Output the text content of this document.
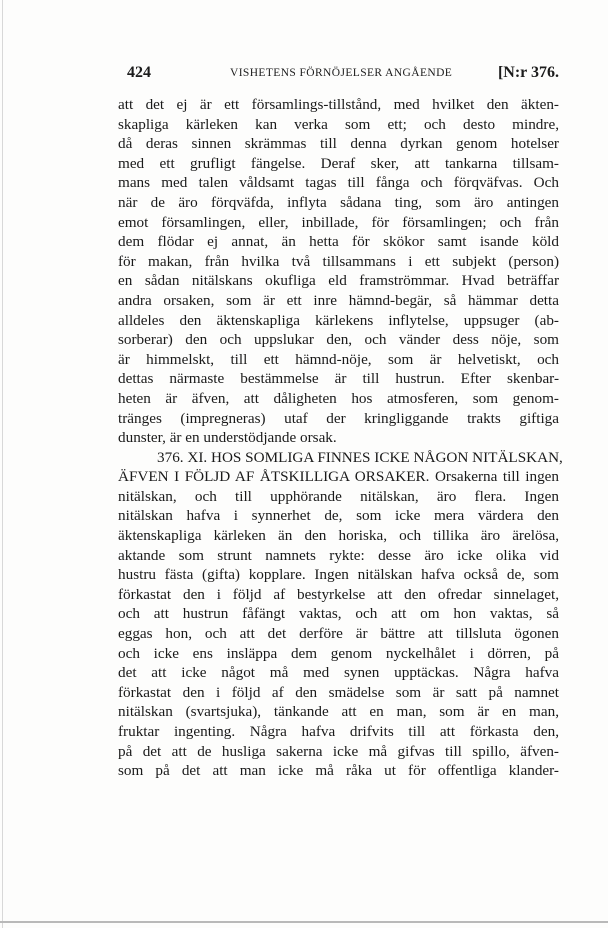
424	VISHETENS FÖRNÖJELSER ANGÅENDE	[N:r 376.
att det ej är ett församlings-tillstånd, med hvilket den äkten-
skapliga kärleken kan verka som ett; och desto mindre,
då deras sinnen skrämmas till denna dyrkan genom hotelser
med ett grufligt fängelse. Deraf sker, att tankarna tillsam-
mans med talen våldsamt tagas till fånga och förqväfvas. Och
när de äro förqväfda, inflyta sådana ting, som äro antingen
emot församlingen, eller, inbillade, för församlingen; och från
dem flödar ej annat, än hetta för skökor samt isande köld
för makan, från hvilka två tillsammans i ett subjekt (person)
en sådan nitälskans okufliga eld framströmmar. Hvad beträffar
andra orsaken, som är ett inre hämnd-begär, så hämmar detta
alldeles den äktenskapliga kärlekens inflytelse, uppsuger (ab-
sorberar) den och uppslukar den, och vänder dess nöje, som
är himmelskt, till ett hämnd-nöje, som är helvetiskt, och
dettas närmaste bestämmelse är till hustrun. Efter skenbar-
heten är äfven, att dåligheten hos atmosferen, som genom-
tränges (impregneras) utaf der kringliggande trakts giftiga
dunster, är en understödjande orsak.
376. XI. HOS SOMLIGA FINNES ICKE NÅGON NITÄLSKAN,
ÄFVEN I FÖLJD AF ÅTSKILLIGA ORSAKER. Orsakerna till ingen
nitälskan, och till upphörande nitälskan, äro flera. Ingen
nitälskan hafva i synnerhet de, som icke mera värdera den
äktenskapliga kärleken än den horiska, och tillika äro ärelösa,
aktande som strunt namnets rykte: desse äro icke olika vid
hustru fästa (gifta) kopplare. Ingen nitälskan hafva också de, som
förkastat den i följd af bestyrkelse att den ofredar sinnelaget,
och att hustrun fåfängt vaktas, och att om hon vaktas, så
eggas hon, och att det derföre är bättre att tillsluta ögonen
och icke ens insläppa dem genom nyckelhålet i dörren, på
det att icke något må med synen upptäckas. Några hafva
förkastat den i följd af den smädelse som är satt på namnet
nitälskan (svartsjuka), tänkande att en man, som är en man,
fruktar ingenting. Några hafva drifvits till att förkasta den,
på det att de husliga sakerna icke må gifvas till spillo, äfven-
som på det att man icke må råka ut för offentliga klander-
